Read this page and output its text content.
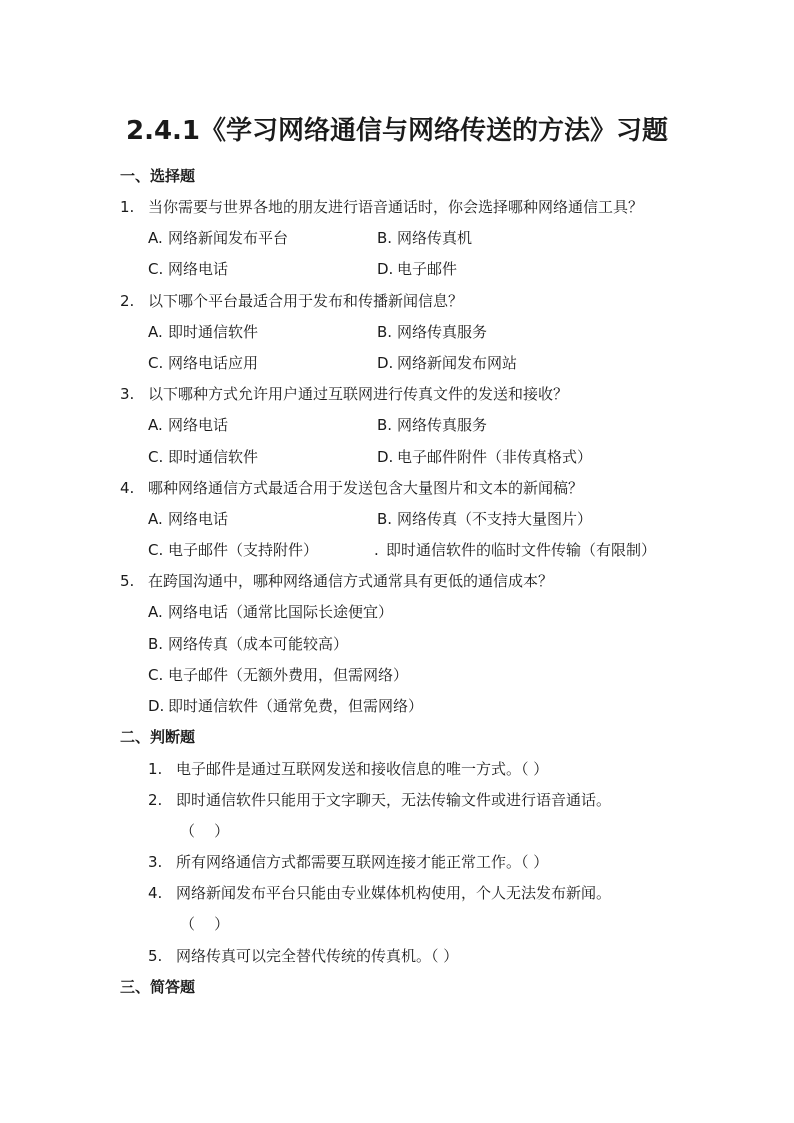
2.4.1《学习网络通信与网络传送的方法》习题
一、选择题
1. 当你需要与世界各地的朋友进行语音通话时，你会选择哪种网络通信工具？
A. 网络新闻发布平台	B. 网络传真机
C. 网络电话	D. 电子邮件
2. 以下哪个平台最适合用于发布和传播新闻信息？
A. 即时通信软件	B. 网络传真服务
C. 网络电话应用	D. 网络新闻发布网站
3. 以下哪种方式允许用户通过互联网进行传真文件的发送和接收？
A. 网络电话	B. 网络传真服务
C. 即时通信软件	D. 电子邮件附件（非传真格式）
4. 哪种网络通信方式最适合用于发送包含大量图片和文本的新闻稿？
A. 网络电话	B. 网络传真（不支持大量图片）
C. 电子邮件（支持附件）	. 即时通信软件的临时文件传输（有限制）
5. 在跨国沟通中，哪种网络通信方式通常具有更低的通信成本？
A. 网络电话（通常比国际长途便宜）
B. 网络传真（成本可能较高）
C. 电子邮件（无额外费用，但需网络）
D. 即时通信软件（通常免费，但需网络）
二、判断题
1. 电子邮件是通过互联网发送和接收信息的唯一方式。（ ）
2. 即时通信软件只能用于文字聊天，无法传输文件或进行语音通话。
（    ）
3. 所有网络通信方式都需要互联网连接才能正常工作。（ ）
4. 网络新闻发布平台只能由专业媒体机构使用，个人无法发布新闻。
（    ）
5. 网络传真可以完全替代传统的传真机。（ ）
三、简答题
